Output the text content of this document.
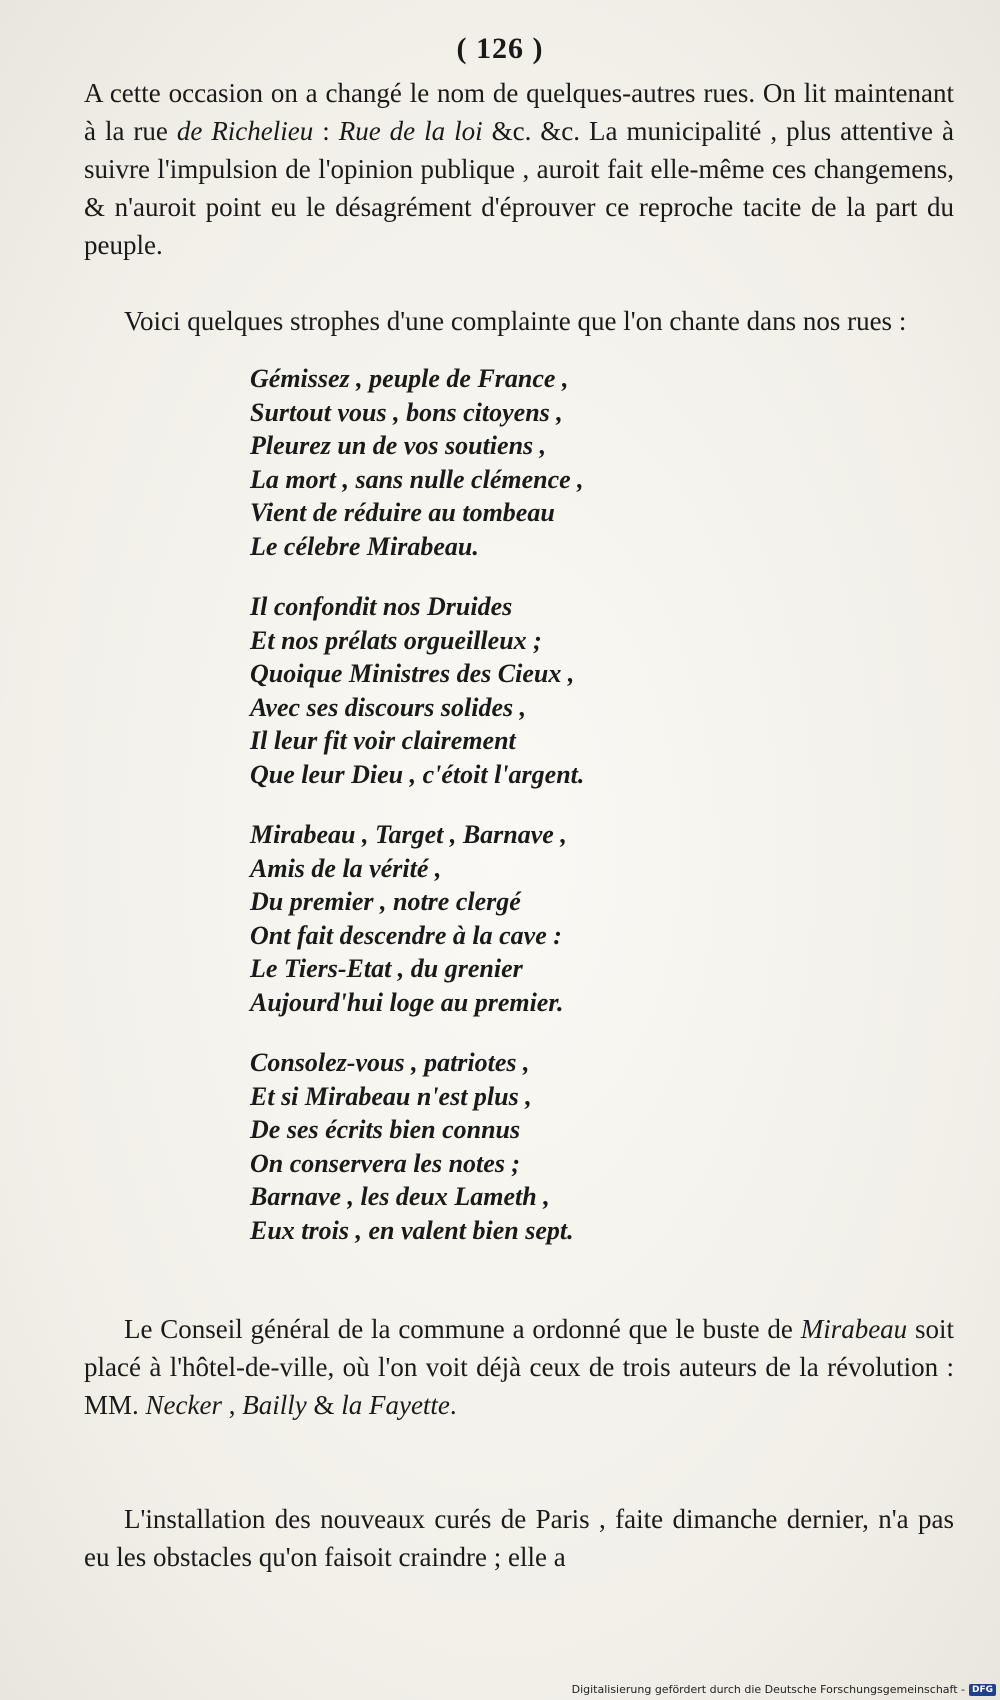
( 126 )

A cette occasion on a changé le nom de quelques-autres rues. On lit maintenant à la rue de Richelieu : Rue de la loi &c. &c. La municipalité , plus attentive à suivre l'impulsion de l'opinion publique , auroit fait elle-même ces changemens, & n'auroit point eu le désagrément d'éprouver ce reproche tacite de la part du peuple.

Voici quelques strophes d'une complainte que l'on chante dans nos rues :

Gémissez , peuple de France ,
Surtout vous , bons citoyens ,
Pleurez un de vos soutiens ,
La mort , sans nulle clémence ,
Vient de réduire au tombeau
Le célebre Mirabeau.
Il confondit nos Druides
Et nos prélats orgueilleux ;
Quoique Ministres des Cieux ,
Avec ses discours solides ,
Il leur fit voir clairement
Que leur Dieu , c'étoit l'argent.
Mirabeau , Target , Barnave ,
Amis de la vérité ,
Du premier , notre clergé
Ont fait descendre à la cave :
Le Tiers-Etat , du grenier
Aujourd'hui loge au premier.
Consolez-vous , patriotes ,
Et si Mirabeau n'est plus ,
De ses écrits bien connus
On conservera les notes ;
Barnave , les deux Lameth ,
Eux trois , en valent bien sept.

Le Conseil général de la commune a ordonné que le buste de Mirabeau soit placé à l'hôtel-de-ville, où l'on voit déjà ceux de trois auteurs de la révolution : MM. Necker , Bailly & la Fayette.

L'installation des nouveaux curés de Paris , faite dimanche dernier, n'a pas eu les obstacles qu'on faisoit craindre ; elle a

Digitalisierung gefördert durch die Deutsche Forschungsgemeinschaft - DFG
